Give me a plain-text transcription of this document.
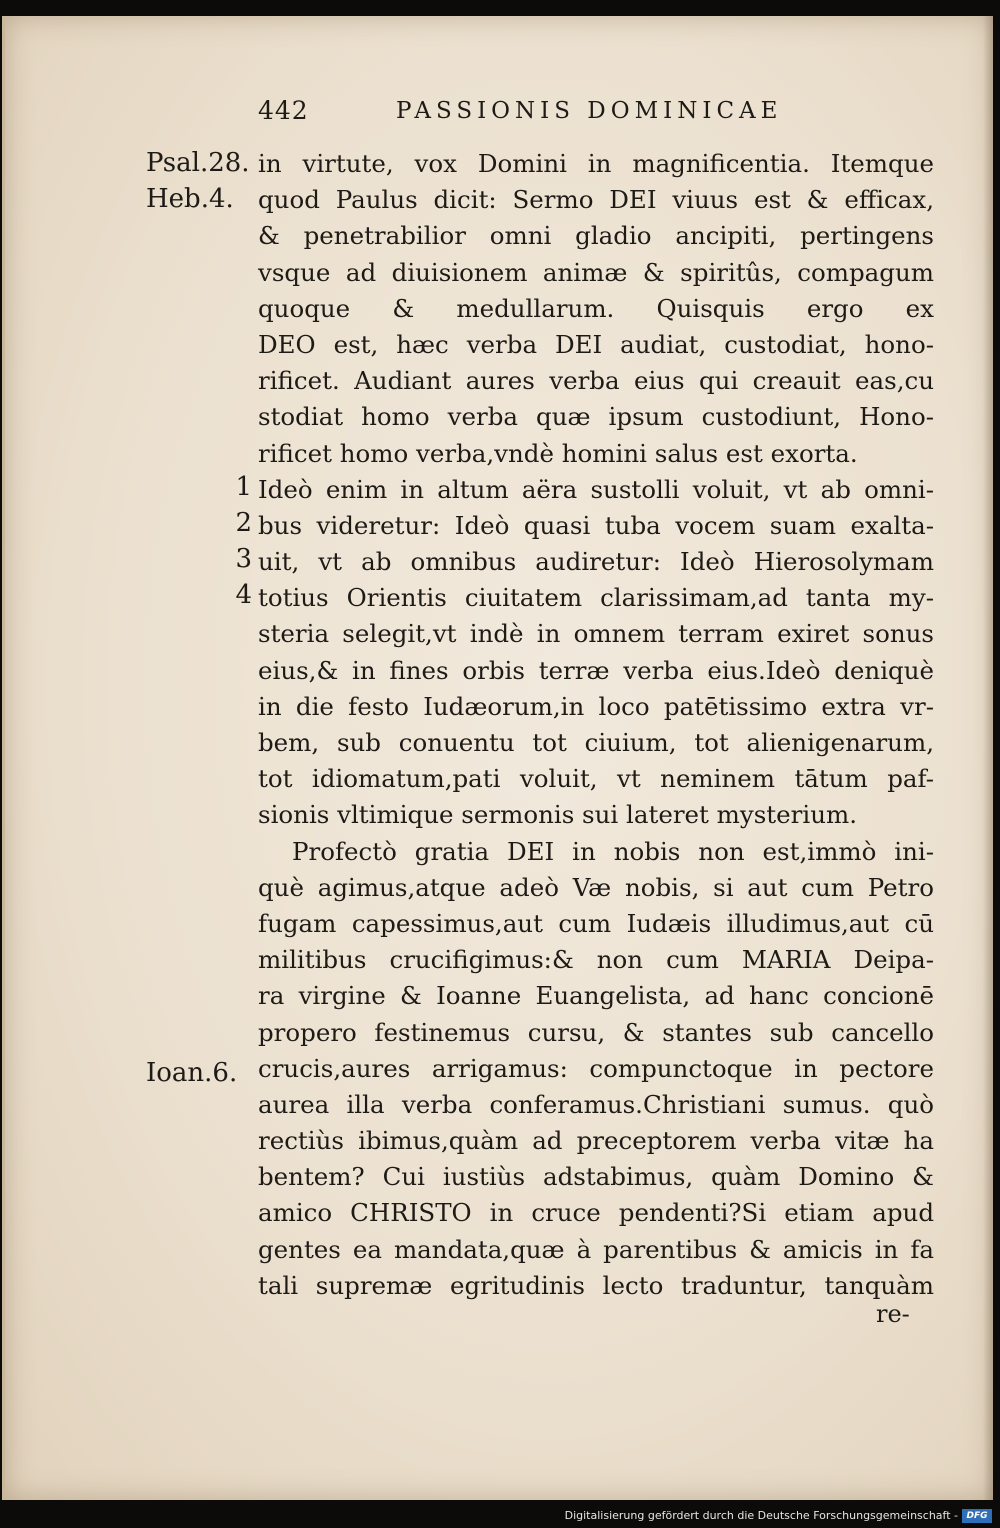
442	PASSIONIS DOMINICAE
Psal.28.
Heb.4.
Ioan.6.
1
2
3
4
in virtute, vox Domini in magnificentia. Itemque
quod Paulus dicit: Sermo DEI viuus est & efficax,
& penetrabilior omni gladio ancipiti, pertingens
vsque ad diuisionem animæ & spiritûs, compagum
quoque & medullarum. Quisquis ergo ex
DEO est, hæc verba DEI audiat, custodiat, hono-
rificet. Audiant aures verba eius qui creauit eas,cu
stodiat homo verba quæ ipsum custodiunt, Hono-
rificet homo verba,vndè homini salus est exorta.
Ideò enim in altum aëra sustolli voluit, vt ab omni-
bus videretur: Ideò quasi tuba vocem suam exalta-
uit, vt ab omnibus audiretur: Ideò Hierosolymam
totius Orientis ciuitatem clarissimam,ad tanta my-
steria selegit,vt indè in omnem terram exiret sonus
eius,& in fines orbis terræ verba eius.Ideò deniquè
in die festo Iudæorum,in loco patētissimo extra vr-
bem, sub conuentu tot ciuium, tot alienigenarum,
tot idiomatum,pati voluit, vt neminem tātum paf-
sionis vltimique sermonis sui lateret mysterium.
Profectò gratia DEI in nobis non est,immò ini-
què agimus,atque adeò Væ nobis, si aut cum Petro
fugam capessimus,aut cum Iudæis illudimus,aut cū
militibus crucifigimus:& non cum MARIA Deipa-
ra virgine & Ioanne Euangelista, ad hanc concionē
propero festinemus cursu, & stantes sub cancello
crucis,aures arrigamus: compunctoque in pectore
aurea illa verba conferamus.Christiani sumus. quò
rectiùs ibimus,quàm ad preceptorem verba vitæ ha
bentem? Cui iustiùs adstabimus, quàm Domino &
amico CHRISTO in cruce pendenti?Si etiam apud
gentes ea mandata,quæ à parentibus & amicis in fa
tali supremæ egritudinis lecto traduntur, tanquàm
re-
Digitalisierung gefördert durch die Deutsche Forschungsgemeinschaft - DFG
